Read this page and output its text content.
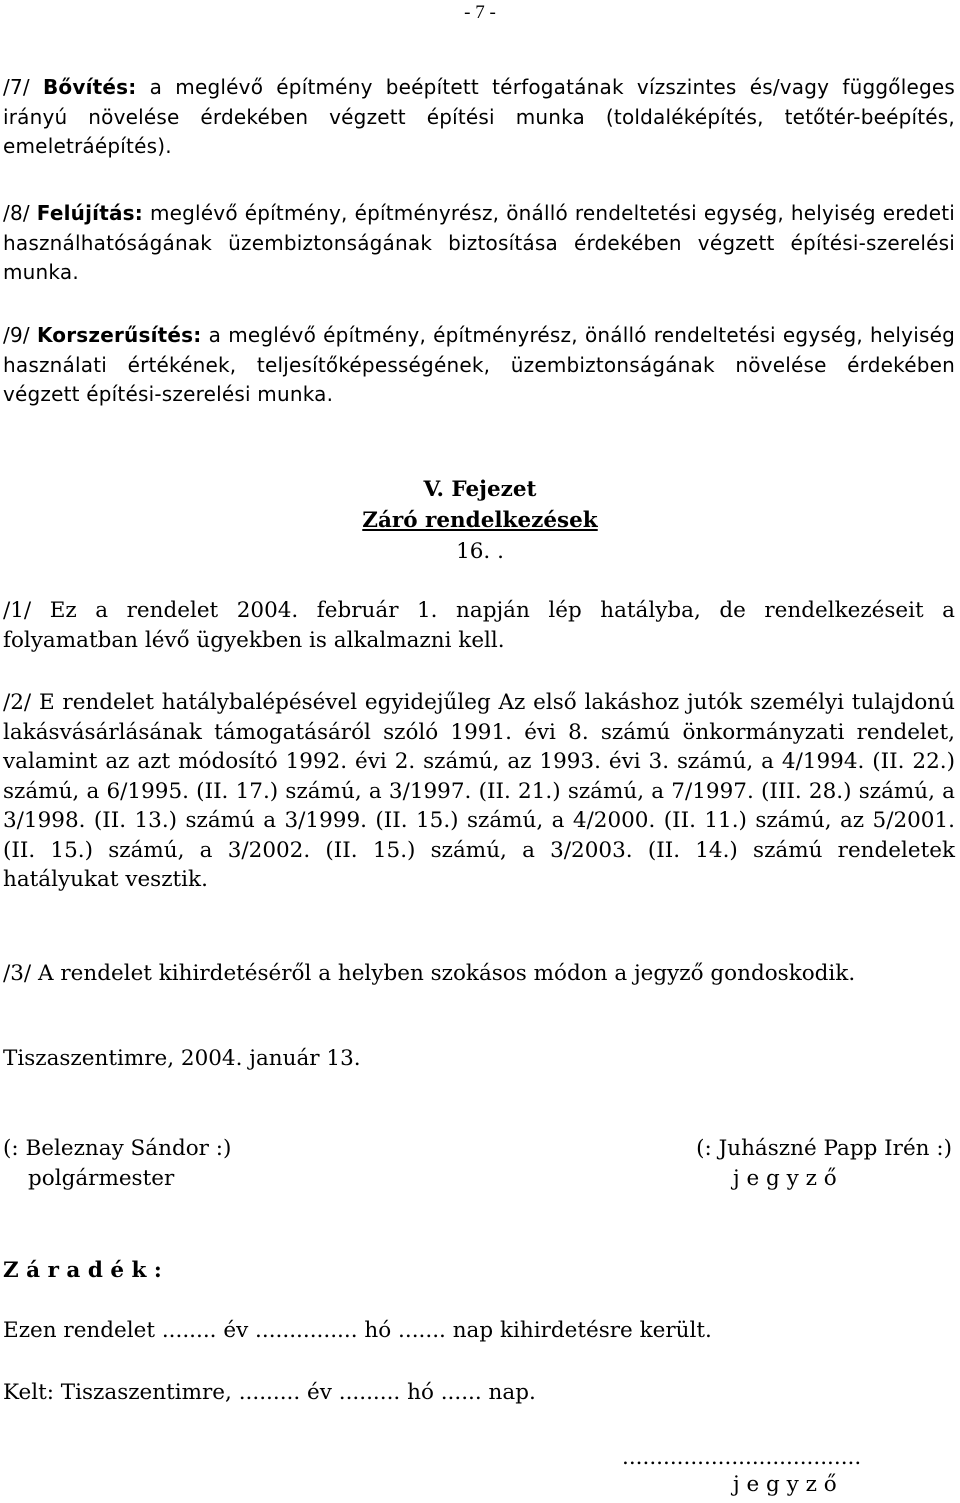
- 7 -
/7/ Bővítés: a meglévő építmény beépített térfogatának vízszintes és/vagy függőleges irányú növelése érdekében végzett építési munka (toldaléképítés, tetőtér-beépítés, emeletráépítés).
/8/ Felújítás: meglévő építmény, építményrész, önálló rendeltetési egység, helyiség eredeti használhatóságának üzembiztonságának biztosítása érdekében végzett építési-szerelési munka.
/9/ Korszerűsítés: a meglévő építmény, építményrész, önálló rendeltetési egység, helyiség használati értékének, teljesítőképességének, üzembiztonságának növelése érdekében végzett építési-szerelési munka.
V. Fejezet
Záró rendelkezések
16. .
/1/ Ez a rendelet 2004. február 1. napján lép hatályba, de rendelkezéseit a folyamatban lévő ügyekben is alkalmazni kell.
/2/ E rendelet hatálybalépésével egyidejűleg Az első lakáshoz jutók személyi tulajdonú lakásvásárlásának támogatásáról szóló 1991. évi 8. számú önkormányzati rendelet, valamint az azt módosító 1992. évi 2. számú, az 1993. évi 3. számú, a 4/1994. (II. 22.) számú, a 6/1995. (II. 17.) számú, a 3/1997. (II. 21.) számú, a 7/1997. (III. 28.) számú, a 3/1998. (II. 13.) számú a 3/1999. (II. 15.) számú, a 4/2000. (II. 11.) számú, az 5/2001. (II. 15.) számú, a 3/2002. (II. 15.) számú, a 3/2003. (II. 14.) számú rendeletek hatályukat vesztik.
/3/ A rendelet kihirdetéséről a helyben szokásos módon a jegyző gondoskodik.
Tiszaszentimre, 2004. január 13.
(: Beleznay Sándor :)
polgármester
(: Juhászné Papp Irén :)
j e g y z ő
Z á r a d é k :
Ezen rendelet ........ év ............... hó ....... nap kihirdetésre került.
Kelt: Tiszaszentimre, ......... év ......... hó ...... nap.
...................................
j e g y z ő
